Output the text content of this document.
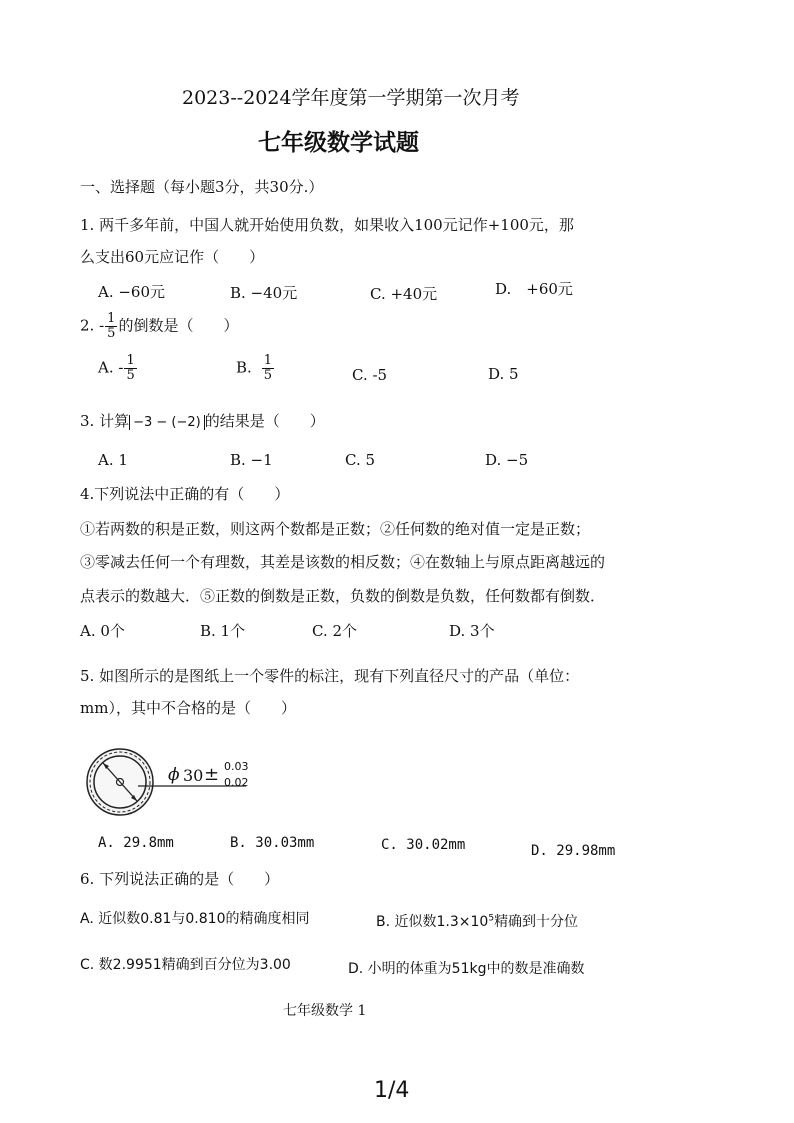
2023--2024学年度第一学期第一次月考
七年级数学试题
一、选择题（每小题3分，共30分.）
1. 两千多年前，中国人就开始使用负数，如果收入100元记作+100元，那
么支出60元应记作（　　）
A. −60元	B. −40元	C. +40元	D.　+60元
2. - $\frac{1}{5}$ 的倒数是（　　）
A. - $\frac{1}{5}$	B. $\frac{1}{5}$	C. -5	D. 5
3. 计算 −3 − (−2) 的结果是（　　）
A. 1	B. −1	C. 5	D. −5
4.下列说法中正确的有（　　）
①若两数的积是正数，则这两个数都是正数；②任何数的绝对值一定是正数；
③零减去任何一个有理数，其差是该数的相反数；④在数轴上与原点距离越远的
点表示的数越大．⑤正数的倒数是正数，负数的倒数是负数，任何数都有倒数．
A. 0个	B. 1个	C. 2个	D. 3个
5. 如图所示的是图纸上一个零件的标注，现有下列直径尺寸的产品（单位：
mm），其中不合格的是（　　）
ϕ 30 ± 0.03
0.02
A. 29.8mm	B. 30.03mm	C. 30.02mm	D. 29.98mm
6. 下列说法正确的是（　　）
A. 近似数0.81与0.810的精确度相同	B. 近似数$1.3\times 10^5$精确到十分位
C. 数2.9951精确到百分位为3.00	D. 小明的体重为51kg中的数是准确数
七年级数学 1
1/4
